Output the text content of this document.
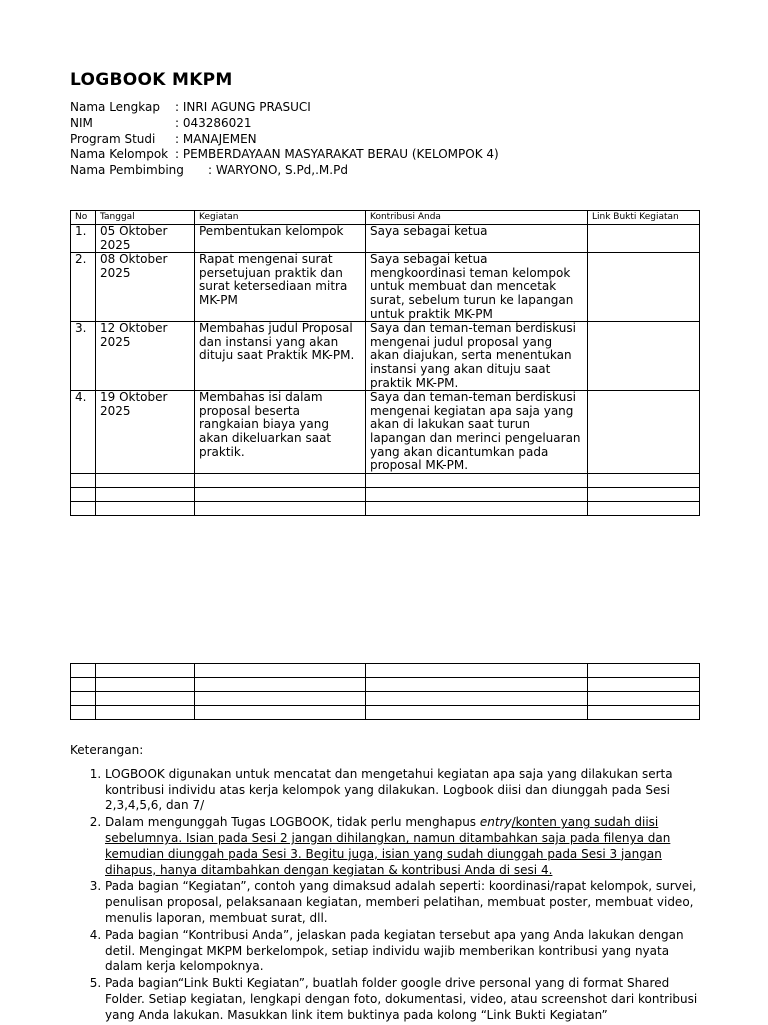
LOGBOOK MKPM
Nama Lengkap	: INRI AGUNG PRASUCI
NIM	: 043286021
Program Studi	: MANAJEMEN
Nama Kelompok : PEMBERDAYAAN MASYARAKAT BERAU (KELOMPOK 4)
Nama Pembimbing	: WARYONO, S.Pd,.M.Pd
No	Tanggal	Kegiatan	Kontribusi Anda	Link Bukti Kegiatan
1.	05 Oktober 2025	Pembentukan kelompok	Saya sebagai ketua	
2.	08 Oktober 2025	Rapat mengenai surat persetujuan praktik dan surat ketersediaan mitra MK-PM	Saya sebagai ketua mengkoordinasi teman kelompok untuk membuat dan mencetak surat, sebelum turun ke lapangan untuk praktik MK-PM	
3.	12 Oktober 2025	Membahas judul Proposal dan instansi yang akan dituju saat Praktik MK-PM.	Saya dan teman-teman berdiskusi mengenai judul proposal yang akan diajukan, serta menentukan instansi yang akan dituju saat praktik MK-PM.	
4.	19 Oktober 2025	Membahas isi dalam proposal beserta rangkaian biaya yang akan dikeluarkan saat praktik.	Saya dan teman-teman berdiskusi mengenai kegiatan apa saja yang akan di lakukan saat turun lapangan dan merinci pengeluaran yang akan dicantumkan pada proposal MK-PM.	

Keterangan:
1. LOGBOOK digunakan untuk mencatat dan mengetahui kegiatan apa saja yang dilakukan serta kontribusi individu atas kerja kelompok yang dilakukan. Logbook diisi dan diunggah pada Sesi 2,3,4,5,6, dan 7/
2. Dalam mengunggah Tugas LOGBOOK, tidak perlu menghapus entry/konten yang sudah diisi sebelumnya. Isian pada Sesi 2 jangan dihilangkan, namun ditambahkan saja pada filenya dan kemudian diunggah pada Sesi 3. Begitu juga, isian yang sudah diunggah pada Sesi 3 jangan dihapus, hanya ditambahkan dengan kegiatan & kontribusi Anda di sesi 4.
3. Pada bagian “Kegiatan”, contoh yang dimaksud adalah seperti: koordinasi/rapat kelompok, survei, penulisan proposal, pelaksanaan kegiatan, memberi pelatihan, membuat poster, membuat video, menulis laporan, membuat surat, dll.
4. Pada bagian “Kontribusi Anda”, jelaskan pada kegiatan tersebut apa yang Anda lakukan dengan detil. Mengingat MKPM berkelompok, setiap individu wajib memberikan kontribusi yang nyata dalam kerja kelompoknya.
5. Pada bagian“Link Bukti Kegiatan”, buatlah folder google drive personal yang di format Shared Folder. Setiap kegiatan, lengkapi dengan foto, dokumentasi, video, atau screenshot dari kontribusi yang Anda lakukan. Masukkan link item buktinya pada kolong “Link Bukti Kegiatan”
